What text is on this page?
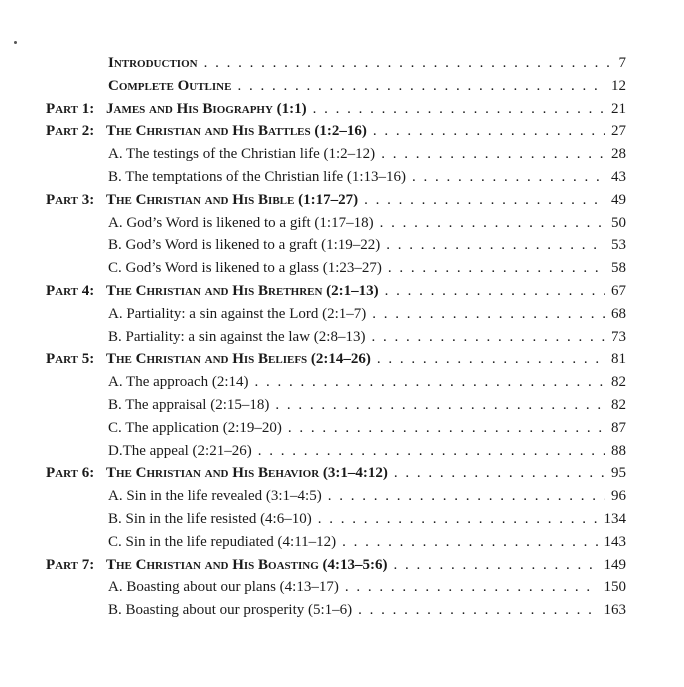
Introduction . . .	7
Complete Outline . . .	12
Part 1: James and His Biography (1:1) . . .	21
Part 2: The Christian and His Battles (1:2–16) . . .	27
A. The testings of the Christian life (1:2–12) . . .	28
B. The temptations of the Christian life (1:13–16) . . .	43
Part 3: The Christian and His Bible (1:17–27) . . .	49
A. God’s Word is likened to a gift (1:17–18) . . .	50
B. God’s Word is likened to a graft (1:19–22) . . .	53
C. God’s Word is likened to a glass (1:23–27) . . .	58
Part 4: The Christian and His Brethren (2:1–13) . . .	67
A. Partiality: a sin against the Lord (2:1–7) . . .	68
B. Partiality: a sin against the law (2:8–13) . . .	73
Part 5: The Christian and His Beliefs (2:14–26) . . .	81
A. The approach (2:14) . . .	82
B. The appraisal (2:15–18) . . .	82
C. The application (2:19–20) . . .	87
D.The appeal (2:21–26) . . .	88
Part 6: The Christian and His Behavior (3:1–4:12) . . .	95
A. Sin in the life revealed (3:1–4:5) . . .	96
B. Sin in the life resisted (4:6–10) . . .	134
C. Sin in the life repudiated (4:11–12) . . .	143
Part 7: The Christian and His Boasting (4:13–5:6) . . .	149
A. Boasting about our plans (4:13–17) . . .	150
B. Boasting about our prosperity (5:1–6) . . .	163
